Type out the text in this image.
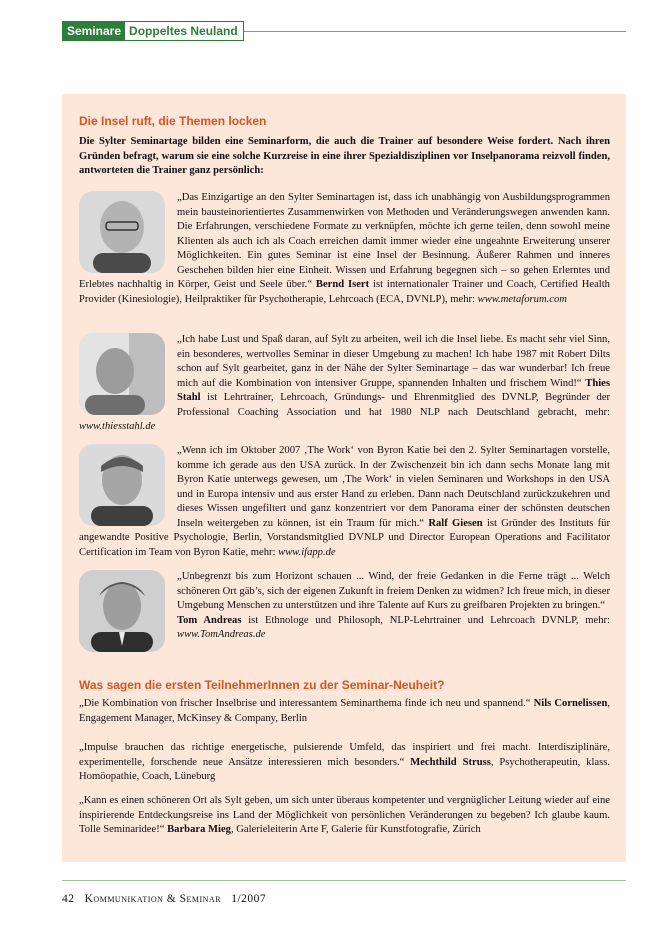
Seminare Doppeltes Neuland
Die Insel ruft, die Themen locken

Die Sylter Seminartage bilden eine Seminarform, die auch die Trainer auf besondere Weise fordert. Nach ihren Gründen befragt, warum sie eine solche Kurzreise in eine ihrer Spezialdisziplinen vor Inselpanorama reizvoll finden, antworteten die Trainer ganz persönlich:

„Das Einzigartige an den Sylter Seminartagen ist, dass ich unabhängig von Ausbildungsprogrammen mein bausteinorientiertes Zusammenwirken von Methoden und Veränderungswegen anwenden kann. Die Erfahrungen, verschiedene Formate zu verknüpfen, möchte ich gerne teilen, denn sowohl meine Klienten als auch ich als Coach erreichen damit immer wieder eine ungeahnte Erweiterung unserer Möglichkeiten. Ein gutes Seminar ist eine Insel der Besinnung. Äußerer Rahmen und inneres Geschehen bilden hier eine Einheit. Wissen und Erfahrung begegnen sich – so gehen Erlerntes und Erlebtes nachhaltig in Körper, Geist und Seele über.“ Bernd Isert ist internationaler Trainer und Coach, Certified Health Provider (Kinesiologie), Heilpraktiker für Psychotherapie, Lehrcoach (ECA, DVNLP), mehr: www.metaforum.com

„Ich habe Lust und Spaß daran, auf Sylt zu arbeiten, weil ich die Insel liebe. Es macht sehr viel Sinn, ein besonderes, wertvolles Seminar in dieser Umgebung zu machen! Ich habe 1987 mit Robert Dilts schon auf Sylt gearbeitet, ganz in der Nähe der Sylter Seminartage – das war wunderbar! Ich freue mich auf die Kombination von intensiver Gruppe, spannenden Inhalten und frischem Wind!“ Thies Stahl ist Lehrtrainer, Lehrcoach, Gründungs- und Ehrenmitglied des DVNLP, Begründer der Professional Coaching Association und hat 1980 NLP nach Deutschland gebracht, mehr: www.thiesstahl.de

„Wenn ich im Oktober 2007 ‚The Work‘ von Byron Katie bei den 2. Sylter Seminartagen vorstelle, komme ich gerade aus den USA zurück. In der Zwischenzeit bin ich dann sechs Monate lang mit Byron Katie unterwegs gewesen, um ‚The Work‘ in vielen Seminaren und Workshops in den USA und in Europa intensiv und aus erster Hand zu erleben. Dann nach Deutschland zurückzukehren und dieses Wissen ungefiltert und ganz konzentriert vor dem Panorama einer der schönsten deutschen Inseln weitergeben zu können, ist ein Traum für mich.“ Ralf Giesen ist Gründer des Instituts für angewandte Positive Psychologie, Berlin, Vorstandsmitglied DVNLP und Director European Operations and Facilitator Certification im Team von Byron Katie, mehr: www.ifapp.de

„Unbegrenzt bis zum Horizont schauen ... Wind, der freie Gedanken in die Ferne trägt ... Welch schöneren Ort gäb’s, sich der eigenen Zukunft in freiem Denken zu widmen? Ich freue mich, in dieser Umgebung Menschen zu unterstützen und ihre Talente auf Kurs zu greifbaren Projekten zu bringen.“
Tom Andreas ist Ethnologe und Philosoph, NLP-Lehrtrainer und Lehrcoach DVNLP, mehr: www.TomAndreas.de

Was sagen die ersten TeilnehmerInnen zu der Seminar-Neuheit?

„Die Kombination von frischer Inselbrise und interessantem Seminarthema finde ich neu und spannend.“ Nils Cornelissen, Engagement Manager, McKinsey & Company, Berlin

„Impulse brauchen das richtige energetische, pulsierende Umfeld, das inspiriert und frei macht. Interdisziplinäre, experimentelle, forschende neue Ansätze interessieren mich besonders.“ Mechthild Struss, Psychotherapeutin, klass. Homöopathie, Coach, Lüneburg

„Kann es einen schöneren Ort als Sylt geben, um sich unter überaus kompetenter und vergnüglicher Leitung wieder auf eine inspirierende Entdeckungsreise ins Land der Möglichkeit von persönlichen Veränderungen zu begeben? Ich glaube kaum. Tolle Seminaridee!“ Barbara Mieg, Galerieleiterin Arte F, Galerie für Kunstfotografie, Zürich

42 Kommunikation & Seminar 1/2007
